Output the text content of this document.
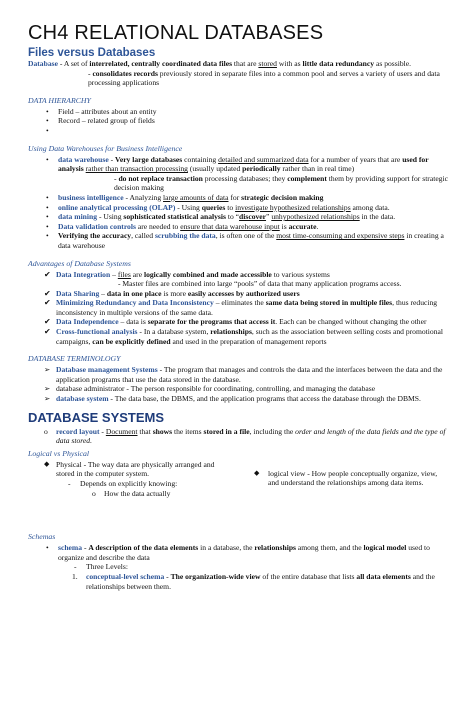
CH4 RELATIONAL DATABASES
Files versus Databases

Database - A set of interrelated, centrally coordinated data files that are stored with as little data redundancy as possible.

- consolidates records previously stored in separate files into a common pool and serves a variety of users and data processing applications

DATA HIERARCHY
• Field – attributes about an entity
• Record – related group of fields
•
Using Data Warehouses for Business Intelligence
• data warehouse - Very large databases containing detailed and summarized data for a number of years that are used for analysis rather than transaction processing (usually updated periodically rather than in real time)

- do not replace transaction processing databases; they complement them by providing support for strategic decision making

• business intelligence - Analyzing large amounts of data for strategic decision making
• online analytical processing (OLAP) - Using queries to investigate hypothesized relationships among data.
• data mining - Using sophisticated statistical analysis to “discover” unhypothesized relationships in the data.
• Data validation controls are needed to ensure that data warehouse input is accurate.
• Verifying the accuracy, called scrubbing the data, is often one of the most time-consuming and expensive steps in creating a data warehouse
Advantages of Database Systems
✔ Data Integration – files are logically combined and made accessible to various systems

- Master files are combined into large “pools” of data that many application programs access.

✔ Data Sharing – data in one place is more easily accesses by authorized users
✔ Minimizing Redundancy and Data Inconsistency – eliminates the same data being stored in multiple files, thus reducing inconsistency in multiple versions of the same data.
✔ Data Independence – data is separate for the programs that access it. Each can be changed without changing the other
✔ Cross-functional analysis - In a database system, relationships, such as the association between selling costs and promotional campaigns, can be explicitly defined and used in the preparation of management reports
DATABASE TERMINOLOGY
➢ Database management Systems - The program that manages and controls the data and the interfaces between the data and the application programs that use the data stored in the database.
➢ database administrator - The person responsible for coordinating, controlling, and managing the database
➢ database system - The data base, the DBMS, and the application programs that access the database through the DBMS.
DATABASE SYSTEMS

o record layout - Document that shows the items stored in a file, including the order and length of the data fields and the type of data stored.

Logical vs Physical

◆ Physical - The way data are physically arranged and stored in the computer system.

- Depends on explicitly knowing:

o How the data actually

◆ logical view - How people conceptually organize, view, and understand the relationships among data items.

Schemas
• schema - A description of the data elements in a database, the relationships among them, and the logical model used to organize and describe the data

- Three Levels:

1. conceptual-level schema - The organization-wide view of the entire database that lists all data elements and the relationships between them.
